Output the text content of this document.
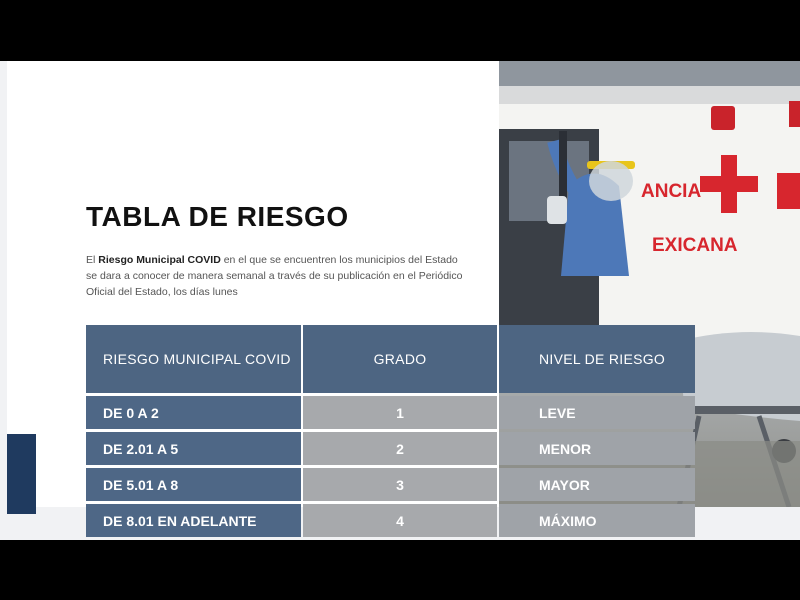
ANCIA
EXICANA
TABLA DE RIESGO

El Riesgo Municipal COVID en el que se encuentren los municipios del Estado se dara a conocer de manera semanal a través de su publicación en el Periódico Oficial del Estado, los días lunes

RIESGO MUNICIPAL COVID	GRADO	NIVEL DE RIESGO
DE 0 A 2	1	LEVE
DE 2.01 A 5	2	MENOR
DE 5.01 A 8	3	MAYOR
DE 8.01 EN ADELANTE	4	MÁXIMO
